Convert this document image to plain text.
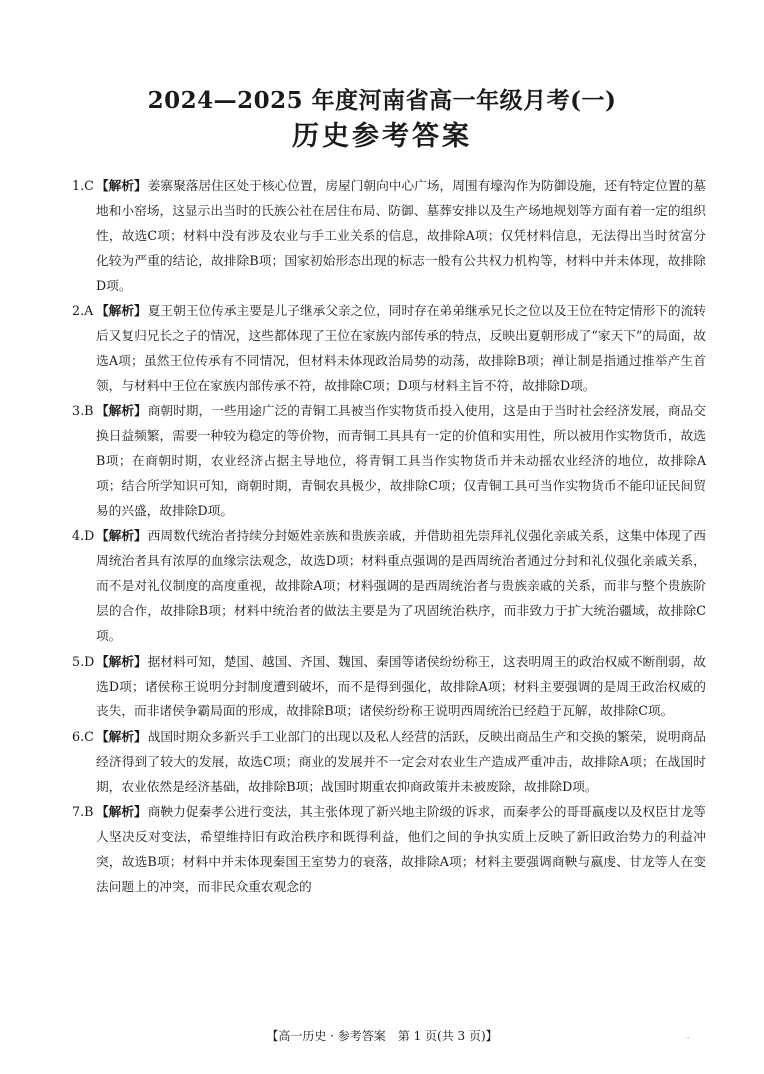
2024—2025 年度河南省高一年级月考(一)
历史参考答案
1.C 【解析】姜寨聚落居住区处于核心位置，房屋门朝向中心广场，周围有壕沟作为防御设施，还有特定位置的墓地和小窑场，这显示出当时的氏族公社在居住布局、防御、墓葬安排以及生产场地规划等方面有着一定的组织性，故选C项；材料中没有涉及农业与手工业关系的信息，故排除A项；仅凭材料信息，无法得出当时贫富分化较为严重的结论，故排除B项；国家初始形态出现的标志一般有公共权力机构等，材料中并未体现，故排除D项。
2.A 【解析】夏王朝王位传承主要是儿子继承父亲之位，同时存在弟弟继承兄长之位以及王位在特定情形下的流转后又复归兄长之子的情况，这些都体现了王位在家族内部传承的特点，反映出夏朝形成了“家天下”的局面，故选A项；虽然王位传承有不同情况，但材料未体现政治局势的动荡，故排除B项；禅让制是指通过推举产生首领，与材料中王位在家族内部传承不符，故排除C项；D项与材料主旨不符，故排除D项。
3.B 【解析】商朝时期，一些用途广泛的青铜工具被当作实物货币投入使用，这是由于当时社会经济发展，商品交换日益频繁，需要一种较为稳定的等价物，而青铜工具具有一定的价值和实用性，所以被用作实物货币，故选B项；在商朝时期，农业经济占据主导地位，将青铜工具当作实物货币并未动摇农业经济的地位，故排除A项；结合所学知识可知，商朝时期，青铜农具极少，故排除C项；仅青铜工具可当作实物货币不能印证民间贸易的兴盛，故排除D项。
4.D 【解析】西周数代统治者持续分封姬姓亲族和贵族亲戚，并借助祖先崇拜礼仪强化亲戚关系，这集中体现了西周统治者具有浓厚的血缘宗法观念，故选D项；材料重点强调的是西周统治者通过分封和礼仪强化亲戚关系，而不是对礼仪制度的高度重视，故排除A项；材料强调的是西周统治者与贵族亲戚的关系，而非与整个贵族阶层的合作，故排除B项；材料中统治者的做法主要是为了巩固统治秩序，而非致力于扩大统治疆域，故排除C项。
5.D 【解析】据材料可知，楚国、越国、齐国、魏国、秦国等诸侯纷纷称王，这表明周王的政治权威不断削弱，故选D项；诸侯称王说明分封制度遭到破坏，而不是得到强化，故排除A项；材料主要强调的是周王政治权威的丧失，而非诸侯争霸局面的形成，故排除B项；诸侯纷纷称王说明西周统治已经趋于瓦解，故排除C项。
6.C 【解析】战国时期众多新兴手工业部门的出现以及私人经营的活跃，反映出商品生产和交换的繁荣，说明商品经济得到了较大的发展，故选C项；商业的发展并不一定会对农业生产造成严重冲击，故排除A项；在战国时期，农业依然是经济基础，故排除B项；战国时期重农抑商政策并未被废除，故排除D项。
7.B 【解析】商鞅力促秦孝公进行变法，其主张体现了新兴地主阶级的诉求，而秦孝公的哥哥嬴虔以及权臣甘龙等人坚决反对变法，希望维持旧有政治秩序和既得利益，他们之间的争执实质上反映了新旧政治势力的利益冲突，故选B项；材料中并未体现秦国王室势力的衰落，故排除A项；材料主要强调商鞅与嬴虔、甘龙等人在变法问题上的冲突，而非民众重农观念的
【高一历史 · 参考答案　第 1 页(共 3 页)】	··
